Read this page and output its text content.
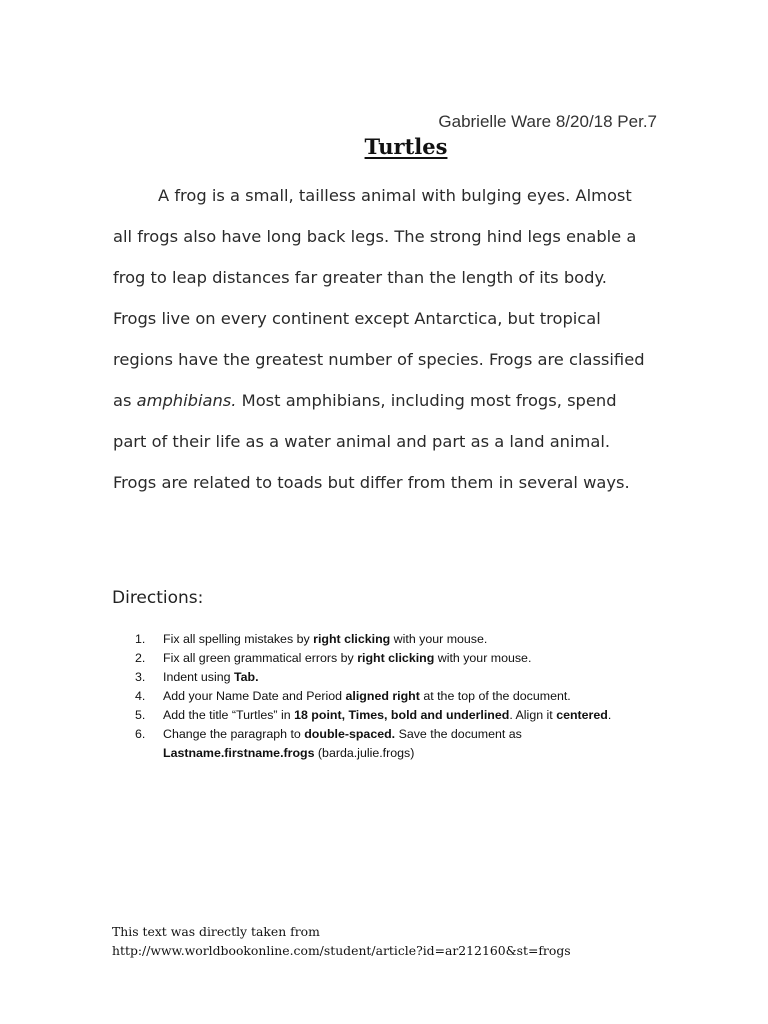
Gabrielle Ware 8/20/18 Per.7
Turtles
A frog is a small, tailless animal with bulging eyes. Almost
all frogs also have long back legs. The strong hind legs enable a
frog to leap distances far greater than the length of its body.
Frogs live on every continent except Antarctica, but tropical
regions have the greatest number of species. Frogs are classified
as amphibians. Most amphibians, including most frogs, spend
part of their life as a water animal and part as a land animal.
Frogs are related to toads but differ from them in several ways.
Directions:
1. Fix all spelling mistakes by right clicking with your mouse.
2. Fix all green grammatical errors by right clicking with your mouse.
3. Indent using Tab.
4. Add your Name Date and Period aligned right at the top of the document.
5. Add the title “Turtles” in 18 point, Times, bold and underlined. Align it centered.
6. Change the paragraph to double-spaced. Save the document as Lastname.firstname.frogs (barda.julie.frogs)
This text was directly taken from
http://www.worldbookonline.com/student/article?id=ar212160&st=frogs
